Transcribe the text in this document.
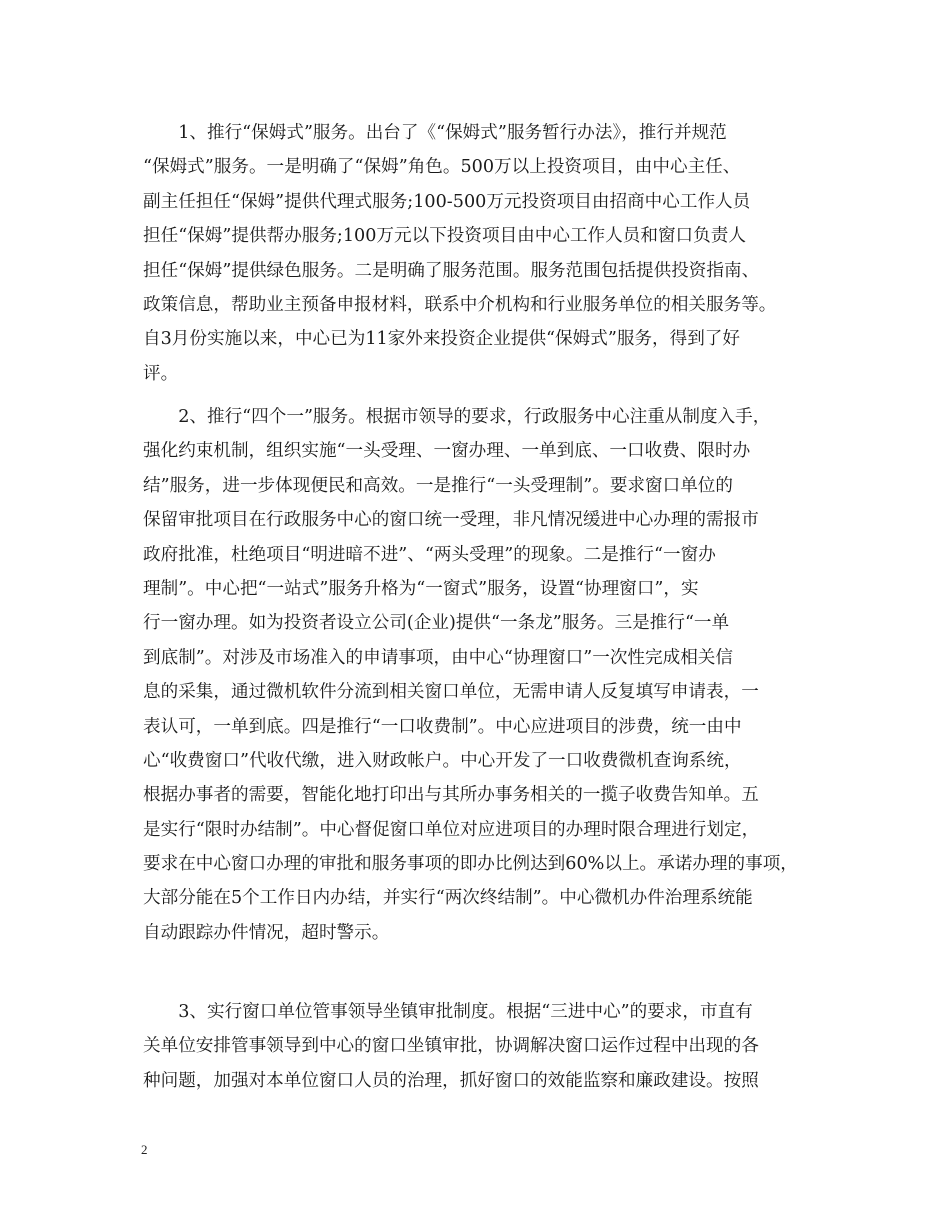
　　1、推行“保姆式”服务。出台了《“保姆式”服务暂行办法》，推行并规范
“保姆式”服务。一是明确了“保姆”角色。500万以上投资项目，由中心主任、
副主任担任“保姆”提供代理式服务;100-500万元投资项目由招商中心工作人员
担任“保姆”提供帮办服务;100万元以下投资项目由中心工作人员和窗口负责人
担任“保姆”提供绿色服务。二是明确了服务范围。服务范围包括提供投资指南、
政策信息，帮助业主预备申报材料，联系中介机构和行业服务单位的相关服务等。
自3月份实施以来，中心已为11家外来投资企业提供“保姆式”服务，得到了好
评。
　　2、推行“四个一”服务。根据市领导的要求，行政服务中心注重从制度入手，
强化约束机制，组织实施“一头受理、一窗办理、一单到底、一口收费、限时办
结”服务，进一步体现便民和高效。一是推行“一头受理制”。要求窗口单位的
保留审批项目在行政服务中心的窗口统一受理，非凡情况缓进中心办理的需报市
政府批准，杜绝项目“明进暗不进”、“两头受理”的现象。二是推行“一窗办
理制”。中心把“一站式”服务升格为“一窗式”服务，设置“协理窗口”，实
行一窗办理。如为投资者设立公司(企业)提供“一条龙”服务。三是推行“一单
到底制”。对涉及市场准入的申请事项，由中心“协理窗口”一次性完成相关信
息的采集，通过微机软件分流到相关窗口单位，无需申请人反复填写申请表，一
表认可，一单到底。四是推行“一口收费制”。中心应进项目的涉费，统一由中
心“收费窗口”代收代缴，进入财政帐户。中心开发了一口收费微机查询系统，
根据办事者的需要，智能化地打印出与其所办事务相关的一揽子收费告知单。五
是实行“限时办结制”。中心督促窗口单位对应进项目的办理时限合理进行划定，
要求在中心窗口办理的审批和服务事项的即办比例达到60%以上。承诺办理的事项，
大部分能在5个工作日内办结，并实行“两次终结制”。中心微机办件治理系统能
自动跟踪办件情况，超时警示。
　　3、实行窗口单位管事领导坐镇审批制度。根据“三进中心”的要求，市直有
关单位安排管事领导到中心的窗口坐镇审批，协调解决窗口运作过程中出现的各
种问题，加强对本单位窗口人员的治理，抓好窗口的效能监察和廉政建设。按照
2
